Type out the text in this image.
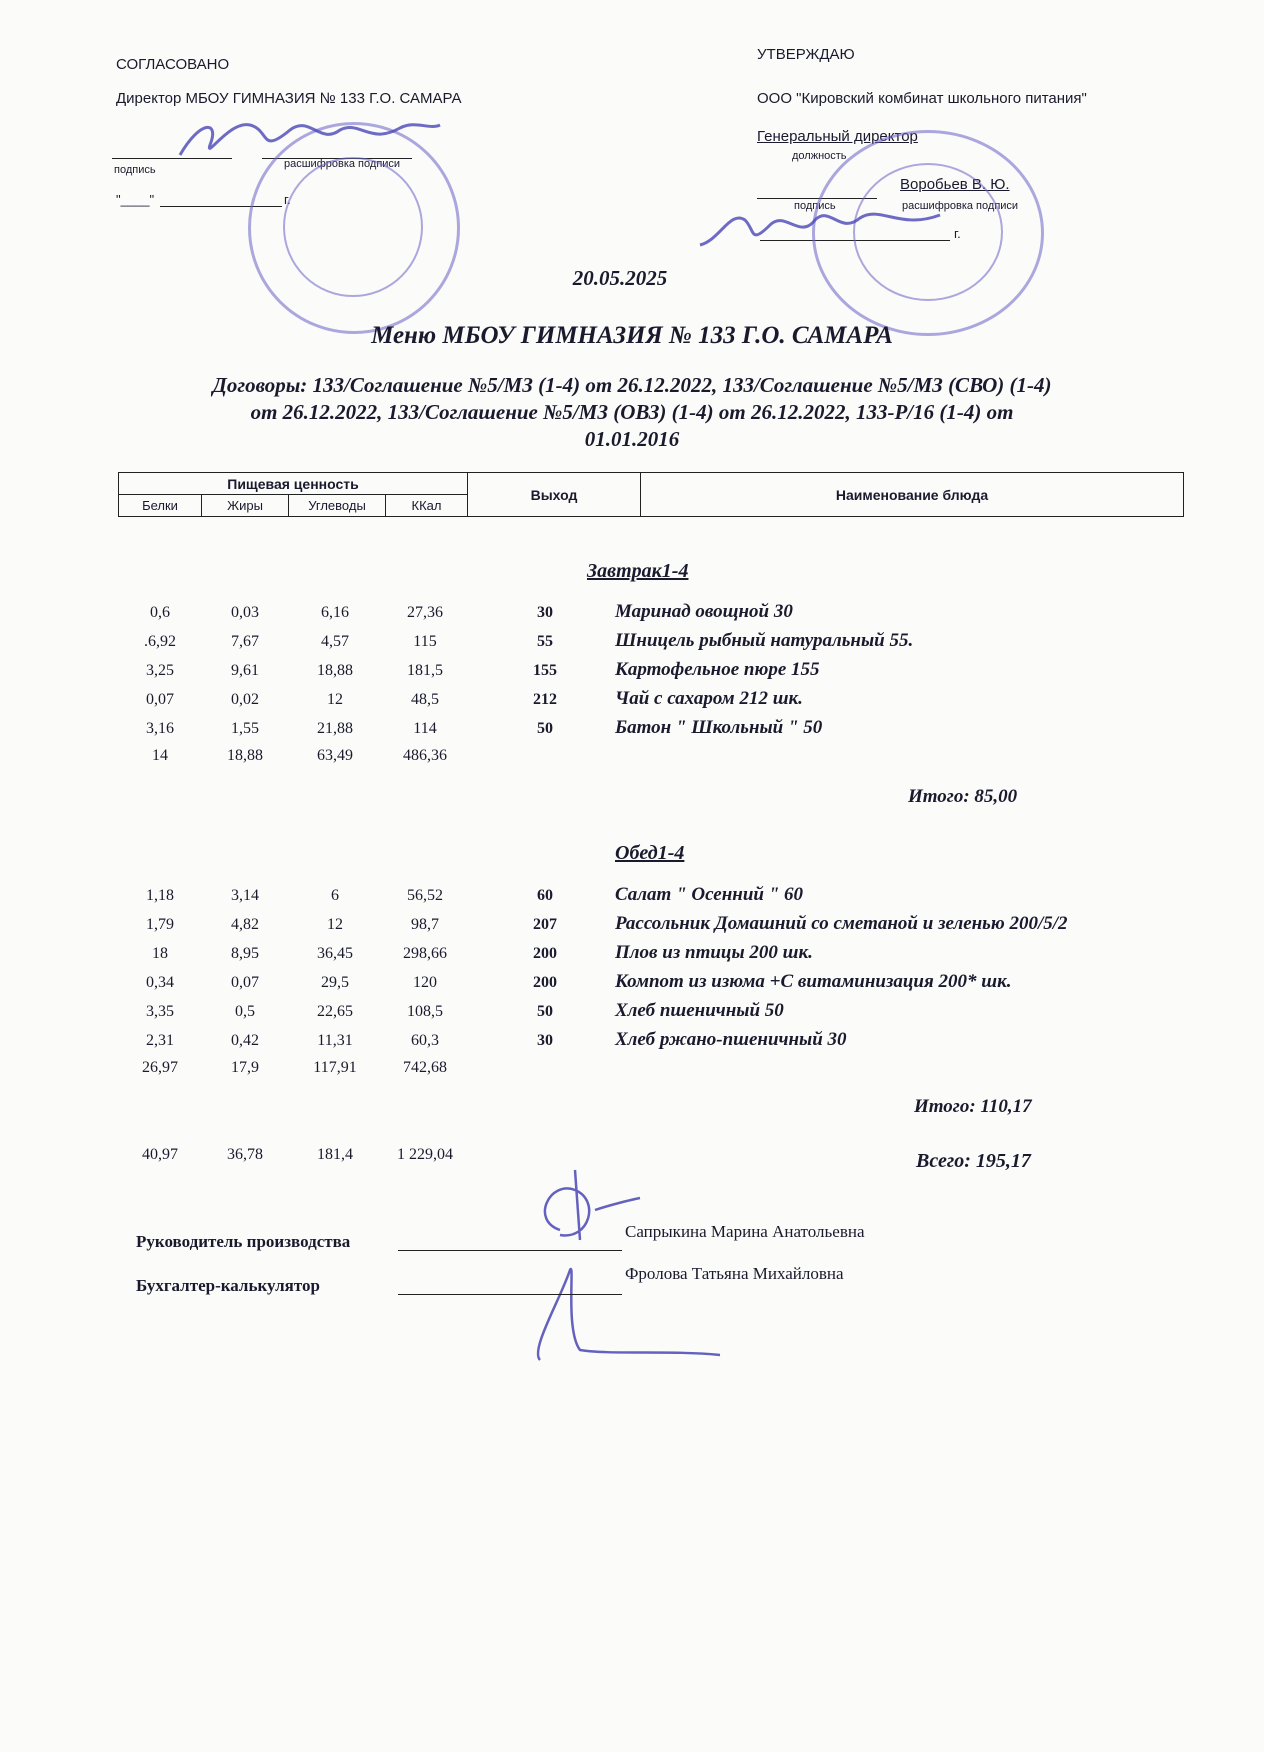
СОГЛАСОВАНО
Директор МБОУ ГИМНАЗИЯ № 133 Г.О. САМАРА
подпись	расшифровка подписи
"____"	г.
УТВЕРЖДАЮ
ООО "Кировский комбинат школьного питания"
Генеральный директор
должность
Воробьев В. Ю.
подпись	расшифровка подписи
г.
20.05.2025
Меню МБОУ ГИМНАЗИЯ № 133 Г.О. САМАРА
Договоры: 133/Соглашение №5/МЗ (1-4) от 26.12.2022, 133/Соглашение №5/МЗ (СВО) (1-4)
от 26.12.2022, 133/Соглашение №5/МЗ (ОВЗ) (1-4) от 26.12.2022, 133-Р/16 (1-4) от
01.01.2016
Пищевая ценность				Выход	Наименование блюда
Белки	Жиры	Углеводы	ККал		
Завтрак1-4
0,6	0,03	6,16	27,36	30	Маринад овощной 30
.6,92	7,67	4,57	115	55	Шницель рыбный натуральный 55.
3,25	9,61	18,88	181,5	155	Картофельное пюре 155
0,07	0,02	12	48,5	212	Чай с сахаром 212 шк.
3,16	1,55	21,88	114	50	Батон " Школьный " 50
14	18,88	63,49	486,36
Итого: 85,00
Обед1-4
1,18	3,14	6	56,52	60	Салат " Осенний " 60
1,79	4,82	12	98,7	207	Рассольник Домашний со сметаной и зеленью 200/5/2
18	8,95	36,45	298,66	200	Плов из птицы 200 шк.
0,34	0,07	29,5	120	200	Компот из изюма +С витаминизация 200* шк.
3,35	0,5	22,65	108,5	50	Хлеб пшеничный 50
2,31	0,42	11,31	60,3	30	Хлеб ржано-пшеничный 30
26,97	17,9	117,91	742,68
Итого: 110,17
40,97	36,78	181,4	1 229,04	Всего: 195,17
Руководитель производства
Сапрыкина Марина Анатольевна
Бухгалтер-калькулятор
Фролова Татьяна Михайловна
